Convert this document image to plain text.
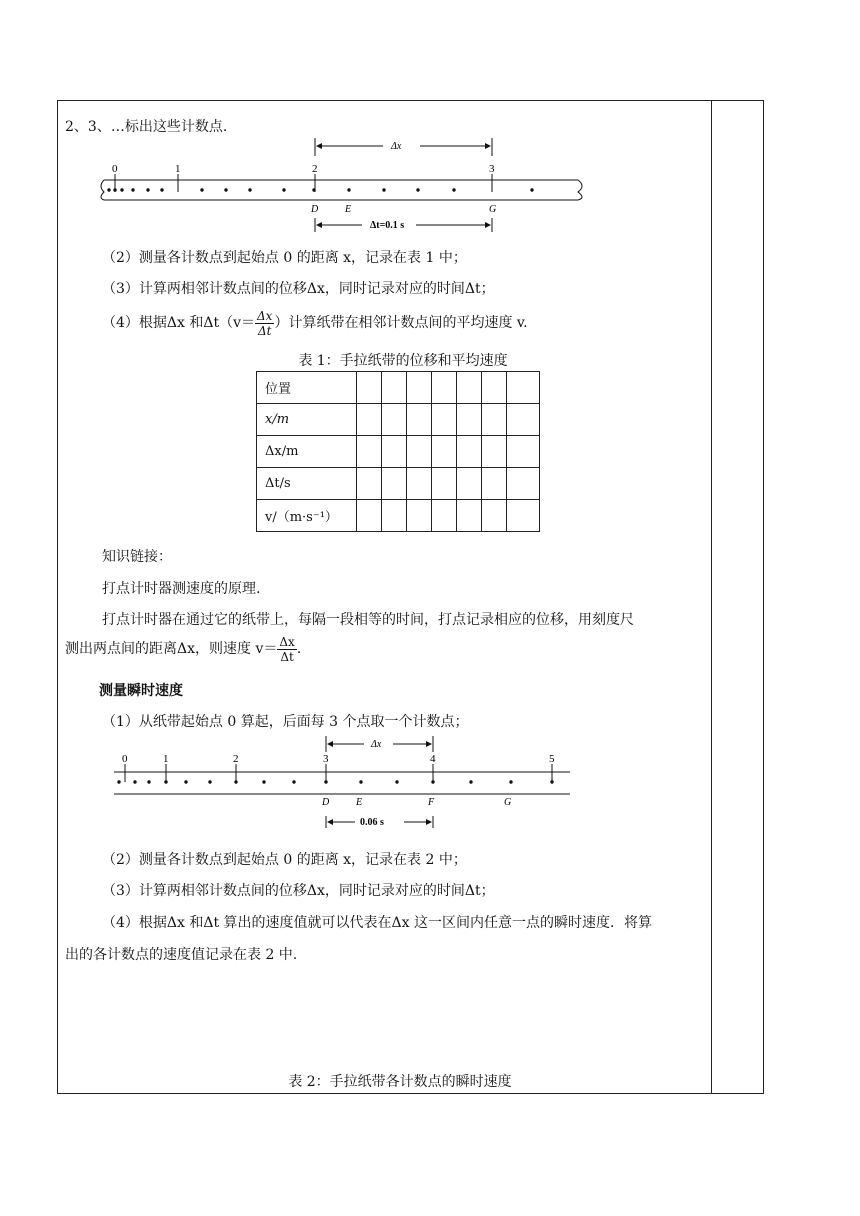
2、3、…标出这些计数点.
0	1	2	3
Δx
D	E	G
Δt=0.1 s
（2）测量各计数点到起始点 0 的距离 x，记录在表 1 中；
（3）计算两相邻计数点间的位移Δx，同时记录对应的时间Δt；
（4）根据Δx 和$\Delta t(v= \frac{\Delta x}{\Delta t}$ ）计算纸带在相邻计数点间的平均速度 v.
表 1：手拉纸带的位移和平均速度
位置							
x/m							
Δx/m							
Δt/s							
v/（m·s⁻¹）							
知识链接：
打点计时器测速度的原理.
打点计时器在通过它的纸带上，每隔一段相等的时间，打点记录相应的位移，用刻度尺
测出两点间的距离Δx，则速度 $v= \frac{\Delta x}{\Delta t}$ .
测量瞬时速度
（1）从纸带起始点 0 算起，后面每 3 个点取一个计数点；
0	1	2	3	4	5
Δx
D	E	F	G
0.06 s
（2）测量各计数点到起始点 0 的距离 x，记录在表 2 中；
（3）计算两相邻计数点间的位移Δx，同时记录对应的时间Δt；
（4）根据Δx 和Δt 算出的速度值就可以代表在Δx 这一区间内任意一点的瞬时速度．将算
出的各计数点的速度值记录在表 2 中.
表 2：手拉纸带各计数点的瞬时速度
